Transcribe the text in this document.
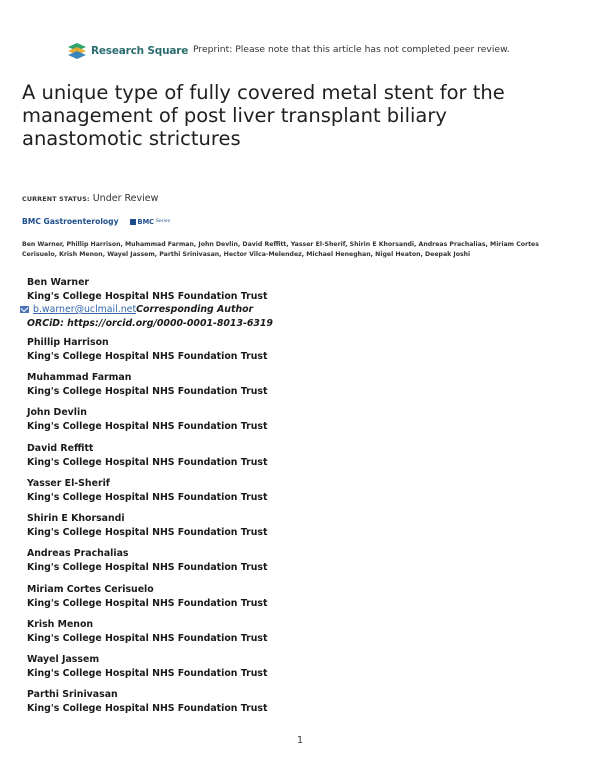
Research Square Preprint: Please note that this article has not completed peer review.
A unique type of fully covered metal stent for the management of post liver transplant biliary anastomotic strictures
CURRENT STATUS: Under Review
BMC Gastroenterology	BMC Series

Ben Warner, Phillip Harrison, Muhammad Farman, John Devlin, David Reffitt, Yasser El-Sherif, Shirin E Khorsandi, Andreas Prachalias, Miriam Cortes Cerisuelo, Krish Menon, Wayel Jassem, Parthi Srinivasan, Hector Vilca-Melendez, Michael Heneghan, Nigel Heaton, Deepak Joshi

Ben Warner
King's College Hospital NHS Foundation Trust
b.warner@uclmail.net Corresponding Author
ORCiD: https://orcid.org/0000-0001-8013-6319
Phillip Harrison
King's College Hospital NHS Foundation Trust
Muhammad Farman
King's College Hospital NHS Foundation Trust
John Devlin
King's College Hospital NHS Foundation Trust
David Reffitt
King's College Hospital NHS Foundation Trust
Yasser El-Sherif
King's College Hospital NHS Foundation Trust
Shirin E Khorsandi
King's College Hospital NHS Foundation Trust
Andreas Prachalias
King's College Hospital NHS Foundation Trust
Miriam Cortes Cerisuelo
King's College Hospital NHS Foundation Trust
Krish Menon
King's College Hospital NHS Foundation Trust
Wayel Jassem
King's College Hospital NHS Foundation Trust
Parthi Srinivasan
King's College Hospital NHS Foundation Trust
1
